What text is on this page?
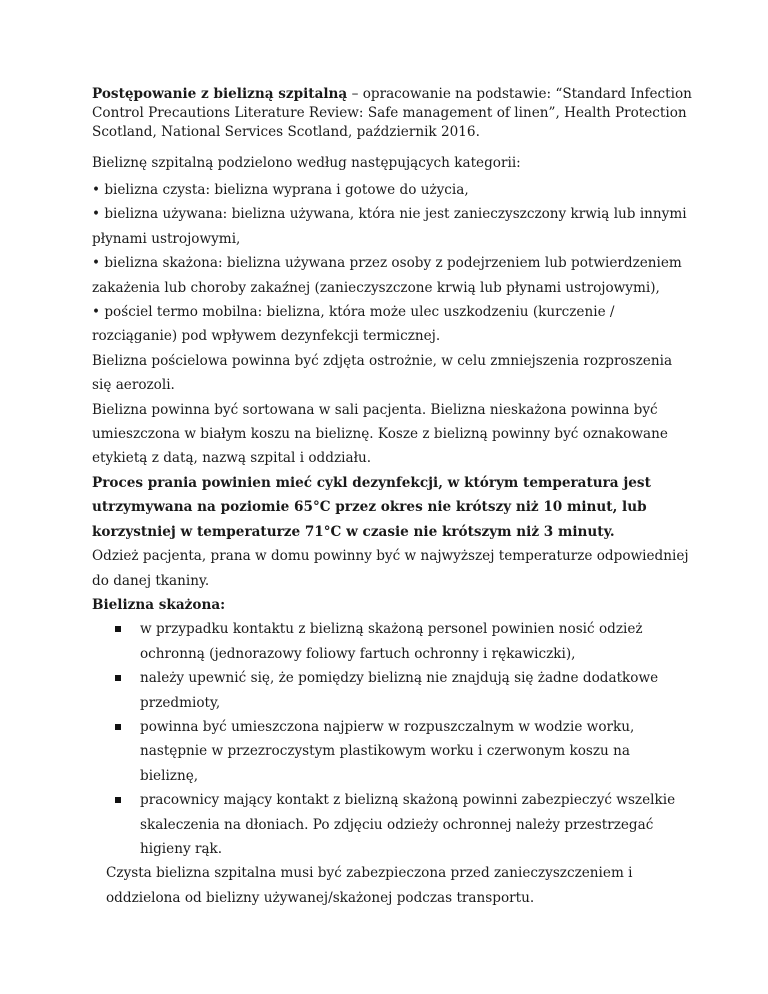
Postępowanie z bielizną szpitalną – opracowanie na podstawie: “Standard Infection Control Precautions Literature Review: Safe management of linen”, Health Protection Scotland, National Services Scotland, październik 2016.

Bieliznę szpitalną podzielono według następujących kategorii:

• bielizna czysta: bielizna wyprana i gotowe do użycia,

• bielizna używana: bielizna używana, która nie jest zanieczyszczony krwią lub innymi płynami ustrojowymi,

• bielizna skażona: bielizna używana przez osoby z podejrzeniem lub potwierdzeniem zakażenia lub choroby zakaźnej (zanieczyszczone krwią lub płynami ustrojowymi),

• pościel termo mobilna: bielizna, która może ulec uszkodzeniu (kurczenie / rozciąganie) pod wpływem dezynfekcji termicznej.

Bielizna pościelowa powinna być zdjęta ostrożnie, w celu zmniejszenia rozproszenia się aerozoli.

Bielizna powinna być sortowana w sali pacjenta. Bielizna nieskażona powinna być umieszczona w białym koszu na bieliznę. Kosze z bielizną powinny być oznakowane etykietą z datą, nazwą szpital i oddziału.

Proces prania powinien mieć cykl dezynfekcji, w którym temperatura jest utrzymywana na poziomie 65°C przez okres nie krótszy niż 10 minut, lub korzystniej w temperaturze 71°C w czasie nie krótszym niż 3 minuty.

Odzież pacjenta, prana w domu powinny być w najwyższej temperaturze odpowiedniej do danej tkaniny.

Bielizna skażona:

w przypadku kontaktu z bielizną skażoną personel powinien nosić odzież ochronną (jednorazowy foliowy fartuch ochronny i rękawiczki),
należy upewnić się, że pomiędzy bielizną nie znajdują się żadne dodatkowe przedmioty,
powinna być umieszczona najpierw w rozpuszczalnym w wodzie worku, następnie w przezroczystym plastikowym worku i czerwonym koszu na bieliznę,
pracownicy mający kontakt z bielizną skażoną powinni zabezpieczyć wszelkie skaleczenia na dłoniach. Po zdjęciu odzieży ochronnej należy przestrzegać higieny rąk.

Czysta bielizna szpitalna musi być zabezpieczona przed zanieczyszczeniem i oddzielona od bielizny używanej/skażonej podczas transportu.
